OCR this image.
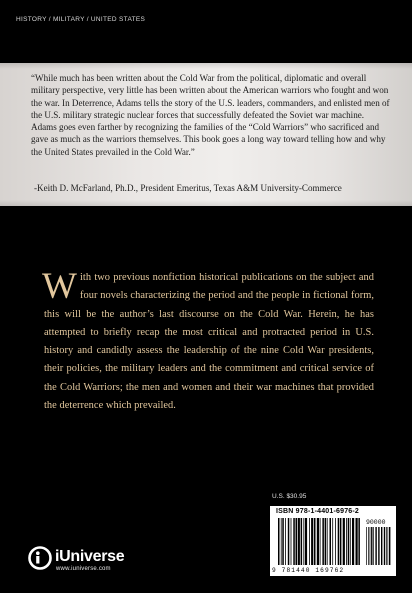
HISTORY / MILITARY / UNITED STATES
“While much has been written about the Cold War from the political, diplomatic and overall military perspective, very little has been written about the American warriors who fought and won the war. In Deterrence, Adams tells the story of the U.S. leaders, commanders, and enlisted men of the U.S. military strategic nuclear forces that successfully defeated the Soviet war machine. Adams goes even farther by recognizing the families of the “Cold Warriors” who sacrificed and gave as much as the warriors themselves. This book goes a long way toward telling how and why the United States prevailed in the Cold War.”
-Keith D. McFarland, Ph.D., President Emeritus, Texas A&M University-Commerce
With two previous nonfiction historical publications on the subject and four novels characterizing the period and the people in fictional form, this will be the author’s last discourse on the Cold War. Herein, he has attempted to briefly recap the most critical and protracted period in U.S. history and candidly assess the leadership of the nine Cold War presidents, their policies, the military leaders and the commitment and critical service of the Cold Warriors; the men and women and their war machines that provided the deterrence which prevailed.
U.S. $30.95
ISBN 978-1-4401-6976-2
90000
9 781440 169762
iUniverse
www.iuniverse.com
